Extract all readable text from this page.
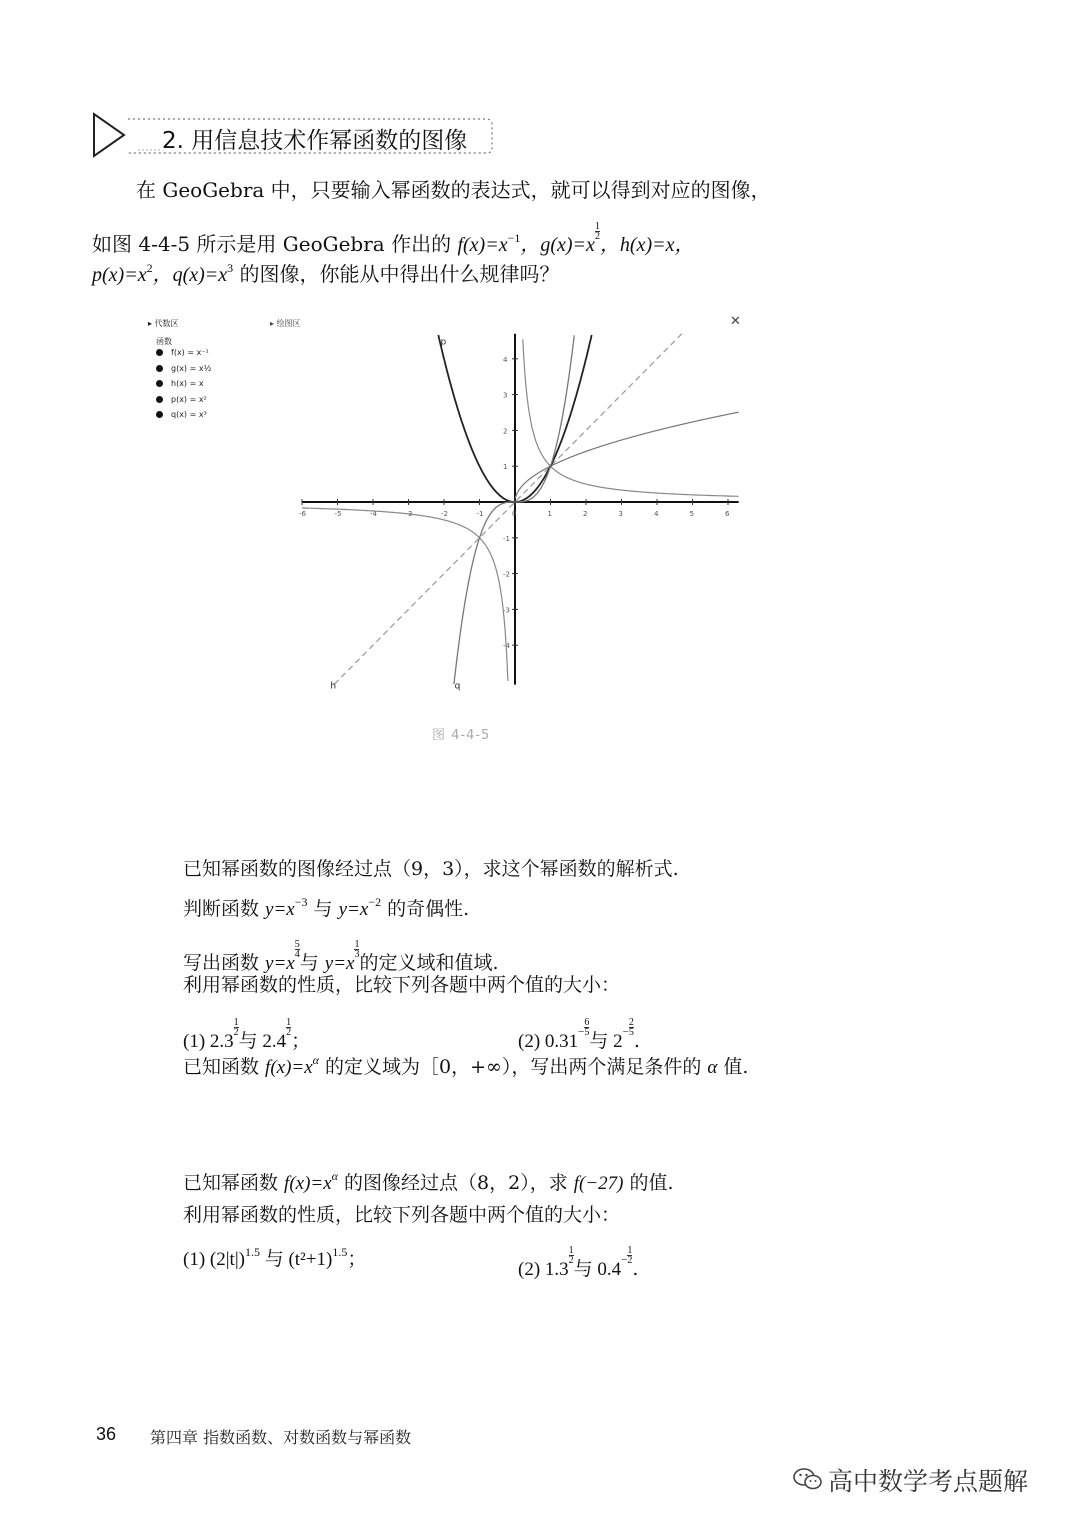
2. 用信息技术作幂函数的图像
在 GeoGebra 中，只要输入幂函数的表达式，就可以得到对应的图像，
如图 4-4-5 所示是用 GeoGebra 作出的 $f(x)=x^{-1}$，g(x)=x
$\frac{1}{2}$
，h(x)=x，
$p(x)=x^2$，$q(x)=x^3$ 的图像，你能从中得出什么规律吗？
-6	-5	-4	-3	-2	-1	0	1	2	3	4	5	6
-4
-3
-2
-1
1
2
3
4
p
q
h
▸ 代数区
函数
f(x) = x⁻¹
g(x) = x½
h(x) = x
p(x) = x²
q(x) = x³
▸ 绘图区	✕
图 4-4-5
已知幂函数的图像经过点（9，3），求这个幂函数的解析式.
判断函数 $y=x^{-3}$ 与 $y=x^{-2}$ 的奇偶性.
写出函数 y=x
$\frac{5}{4}$
与 y=x
$\frac{1}{3}$
的定义域和值域.
利用幂函数的性质，比较下列各题中两个值的大小：
(1) 2.3
$\frac{1}{2}$
与 2.4
$\frac{1}{2}$
；	(2) $0.31^- \frac{6}{5}$
与 $2^- \frac{2}{5}$
.
已知函数 $f(x)=x^\alpha$ 的定义域为［0，+∞），写出两个满足条件的 α 值.
已知幂函数 $f(x)=x^\alpha$ 的图像经过点（8，2），求 f(−27) 的值.
利用幂函数的性质，比较下列各题中两个值的大小：
(1) $(2|t|)^{1.5}$ 与 $(t^2+1)^{1.5}$；	(2) 1.3
$\frac{1}{2}$
与 $0.4^- \frac{1}{2}$
.
36 第四章 指数函数、对数函数与幂函数
高中数学考点题解
